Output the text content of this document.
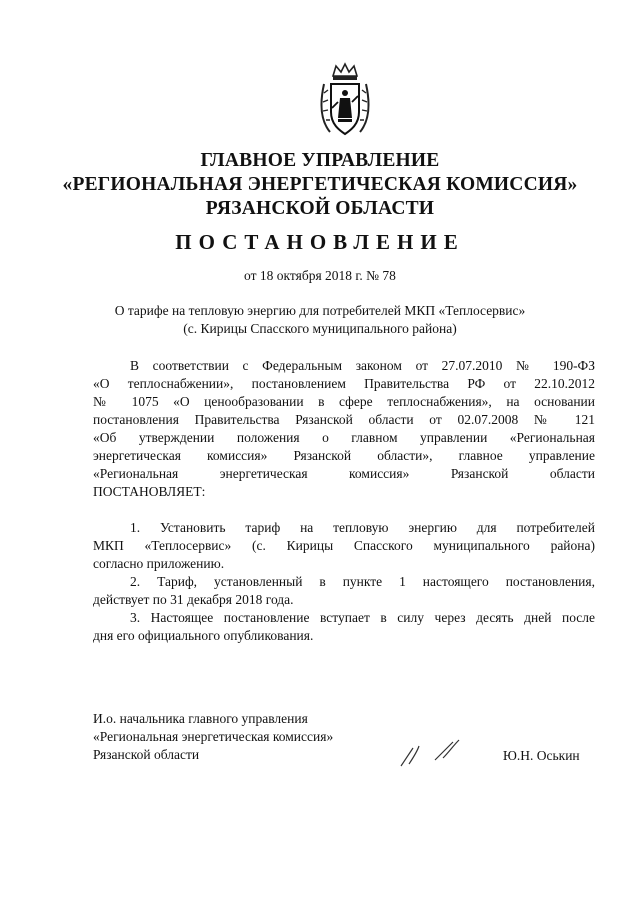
ГЛАВНОЕ УПРАВЛЕНИЕ
«РЕГИОНАЛЬНАЯ ЭНЕРГЕТИЧЕСКАЯ КОМИССИЯ»
РЯЗАНСКОЙ ОБЛАСТИ
ПОСТАНОВЛЕНИЕ
от 18 октября 2018 г. № 78
О тарифе на тепловую энергию для потребителей МКП «Теплосервис»
(с. Кирицы Спасского муниципального района)
В соответствии с Федеральным законом от 27.07.2010 № 190-ФЗ
«О теплоснабжении», постановлением Правительства РФ от 22.10.2012
№ 1075 «О ценообразовании в сфере теплоснабжения», на основании
постановления Правительства Рязанской области от 02.07.2008 № 121
«Об утверждении положения о главном управлении «Региональная
энергетическая комиссия» Рязанской области», главное управление
«Региональная энергетическая комиссия» Рязанской области
ПОСТАНОВЛЯЕТ:
1. Установить тариф на тепловую энергию для потребителей
МКП «Теплосервис» (с. Кирицы Спасского муниципального района)
согласно приложению.
2. Тариф, установленный в пункте 1 настоящего постановления,
действует по 31 декабря 2018 года.
3. Настоящее постановление вступает в силу через десять дней после
дня его официального опубликования.
И.о. начальника главного управления
«Региональная энергетическая комиссия»
Рязанской области	Ю.Н. Оськин
